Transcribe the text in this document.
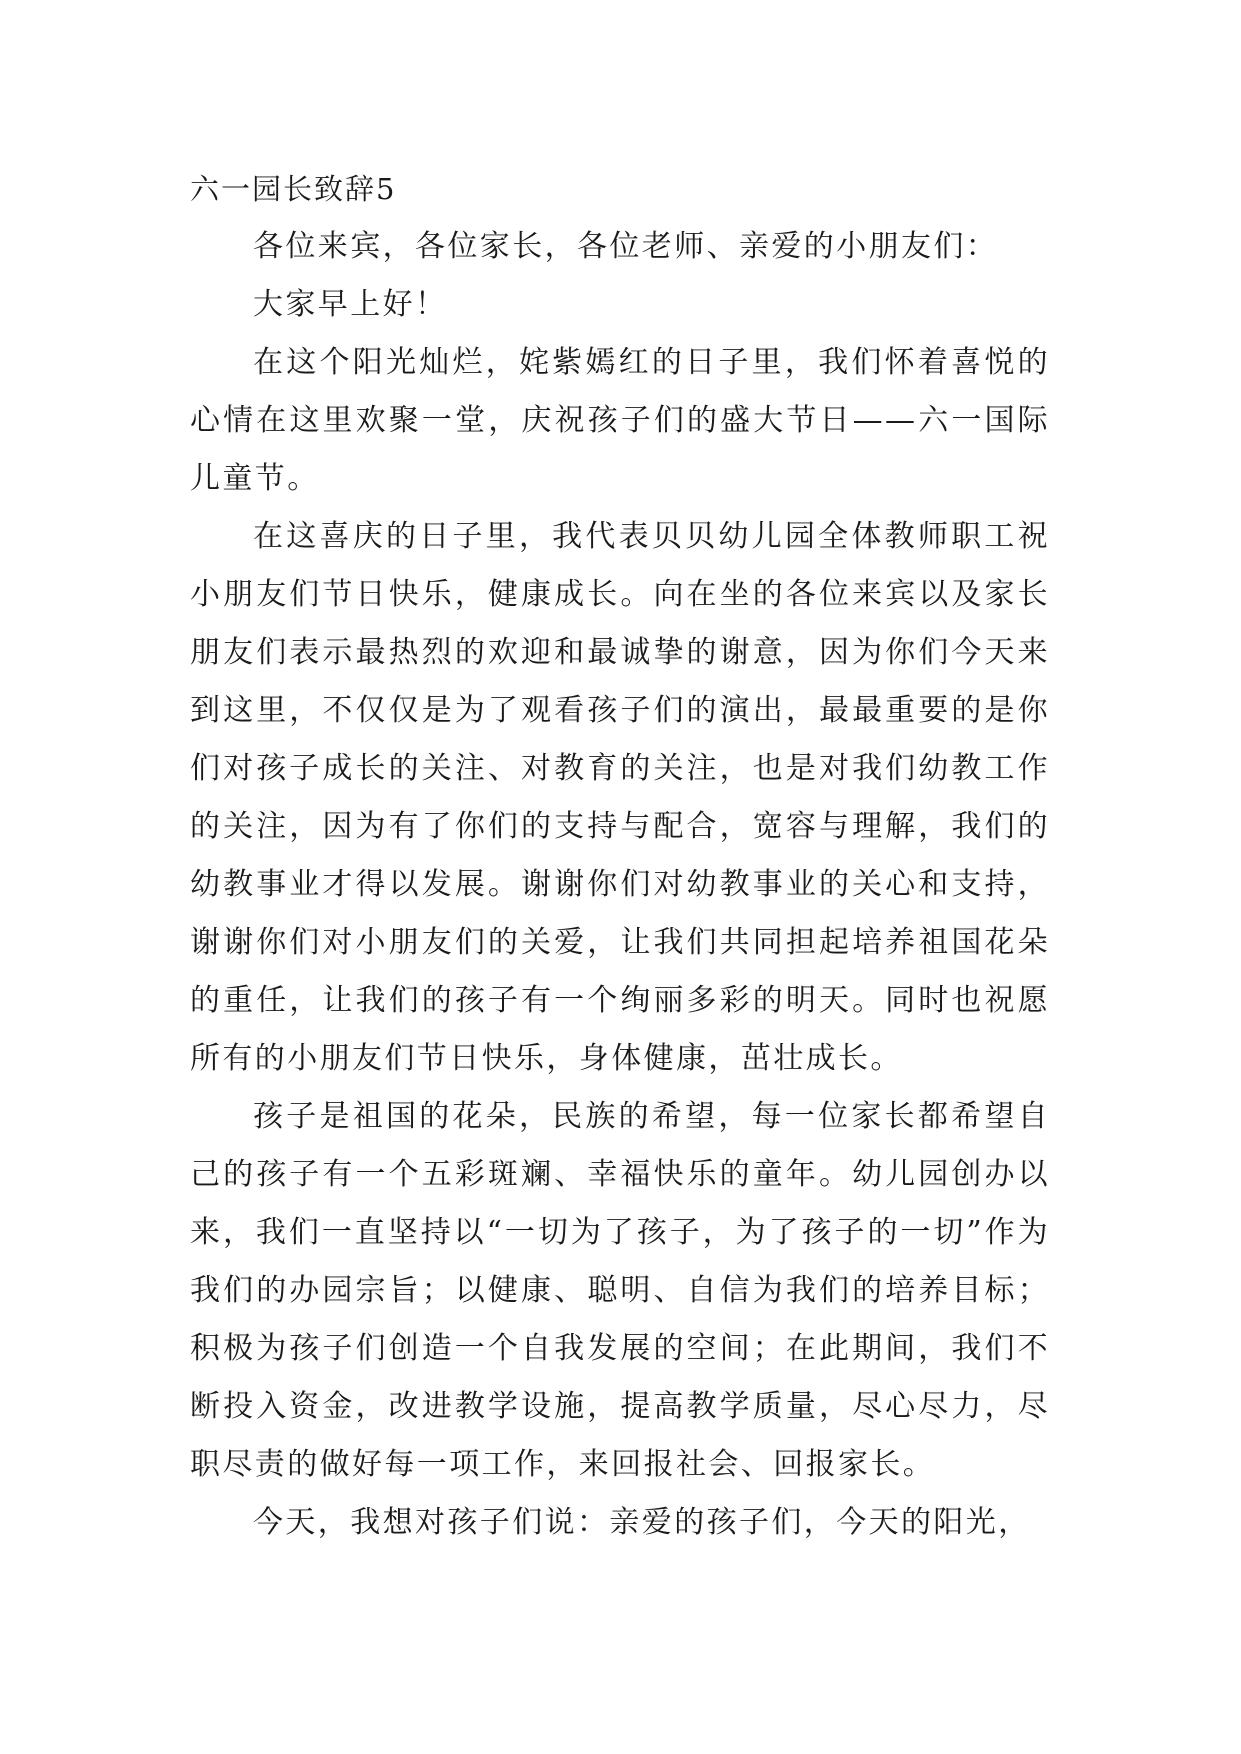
六一园长致辞5

各位来宾，各位家长，各位老师、亲爱的小朋友们：

大家早上好！

在这个阳光灿烂，姹紫嫣红的日子里，我们怀着喜悦的心情在这里欢聚一堂，庆祝孩子们的盛大节日——六一国际儿童节。

在这喜庆的日子里，我代表贝贝幼儿园全体教师职工祝小朋友们节日快乐，健康成长。向在坐的各位来宾以及家长朋友们表示最热烈的欢迎和最诚挚的谢意，因为你们今天来到这里，不仅仅是为了观看孩子们的演出，最最重要的是你们对孩子成长的关注、对教育的关注，也是对我们幼教工作的关注，因为有了你们的支持与配合，宽容与理解，我们的幼教事业才得以发展。谢谢你们对幼教事业的关心和支持，谢谢你们对小朋友们的关爱，让我们共同担起培养祖国花朵的重任，让我们的孩子有一个绚丽多彩的明天。同时也祝愿所有的小朋友们节日快乐，身体健康，茁壮成长。

孩子是祖国的花朵，民族的希望，每一位家长都希望自己的孩子有一个五彩斑斓、幸福快乐的童年。幼儿园创办以来，我们一直坚持以“一切为了孩子，为了孩子的一切”作为我们的办园宗旨；以健康、聪明、自信为我们的培养目标；积极为孩子们创造一个自我发展的空间；在此期间，我们不断投入资金，改进教学设施，提高教学质量，尽心尽力，尽职尽责的做好每一项工作，来回报社会、回报家长。

今天，我想对孩子们说：亲爱的孩子们，今天的阳光，
